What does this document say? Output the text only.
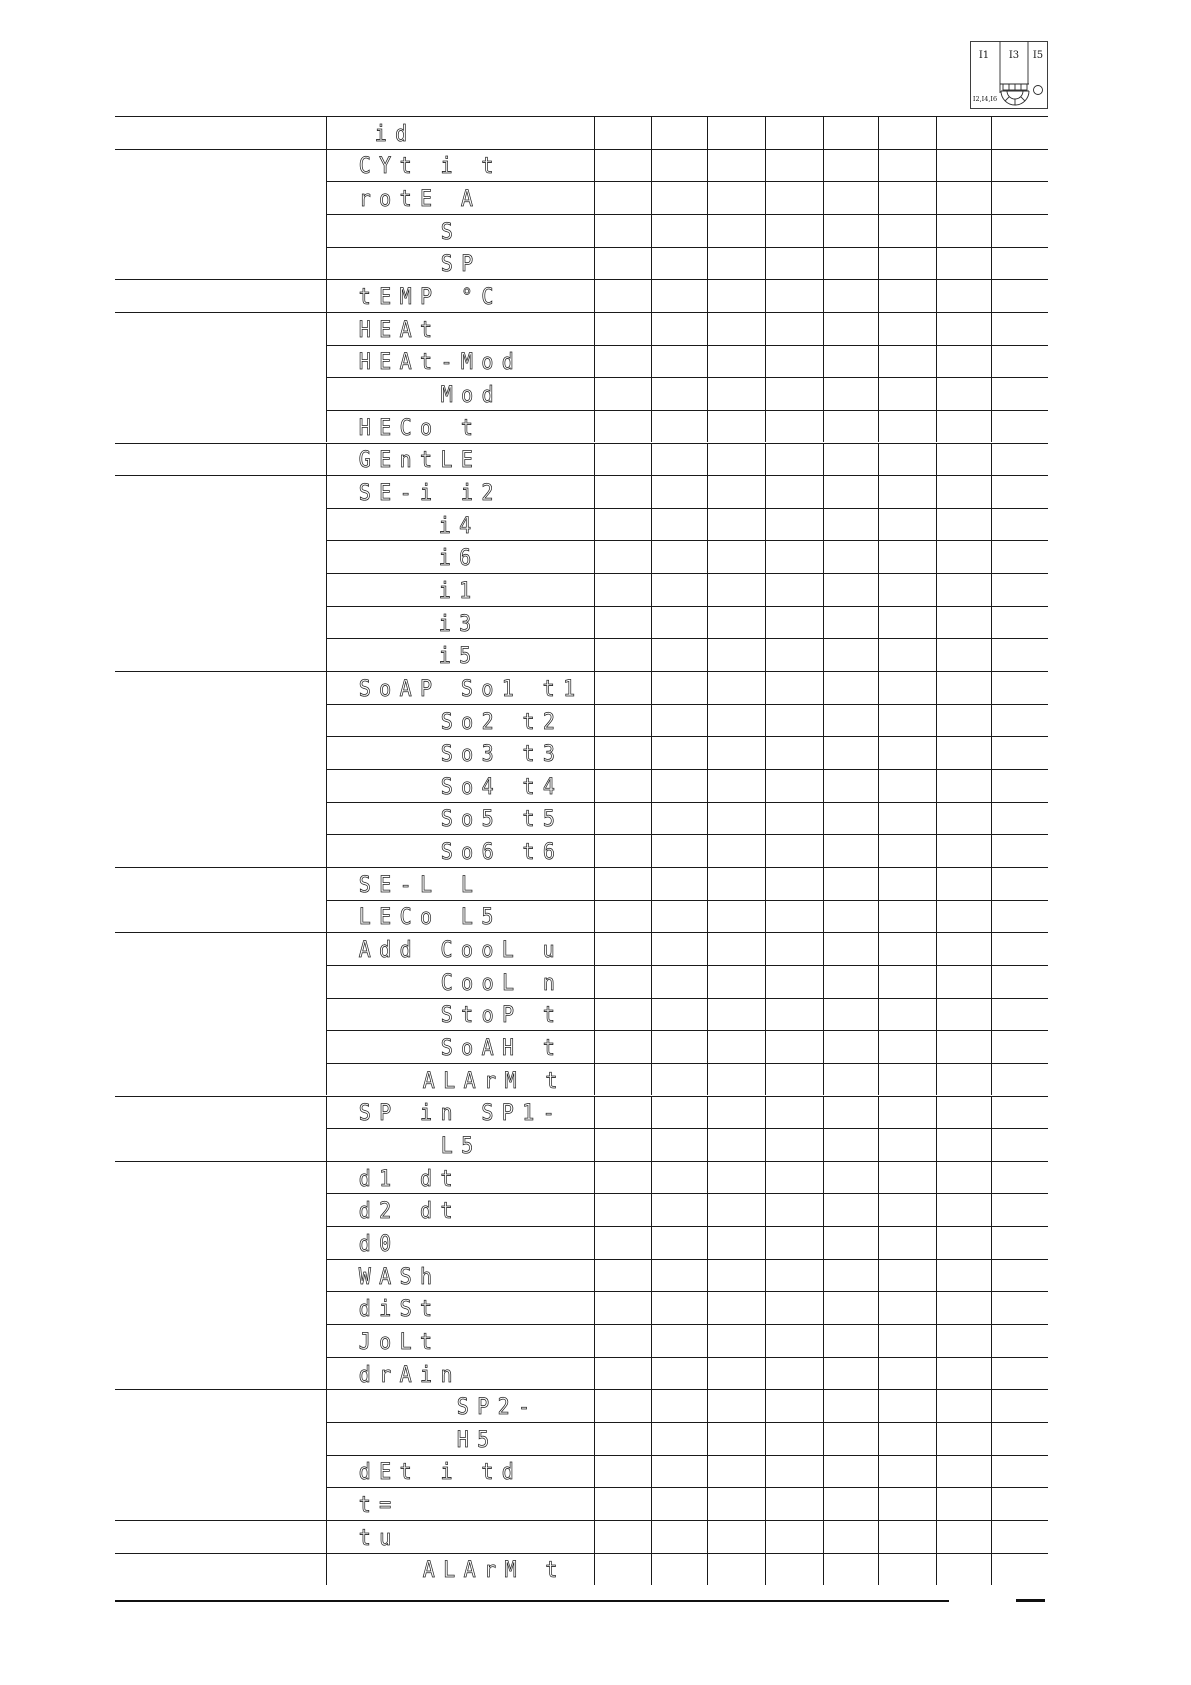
I1 I3 I5
I2,I4,I6
id
CYt i t
rotE A
S
SP
tEMP °C
HEAt
HEAt-Mod
Mod
HECo t
GEntLE
SE-i i2
i4
i6
i1
i3
i5
SoAP So1 t1
So2 t2
So3 t3
So4 t4
So5 t5
So6 t6
SE-L L
LECo L5
Add CooL u
CooL n
StoP t
SoAH t
ALArM t
SP in SP1-
L5
d1 dt
d2 dt
d0
WASh
diSt
JoLt
drAin
SP2-
H5
dEt i td
t=
tu
ALArM t
